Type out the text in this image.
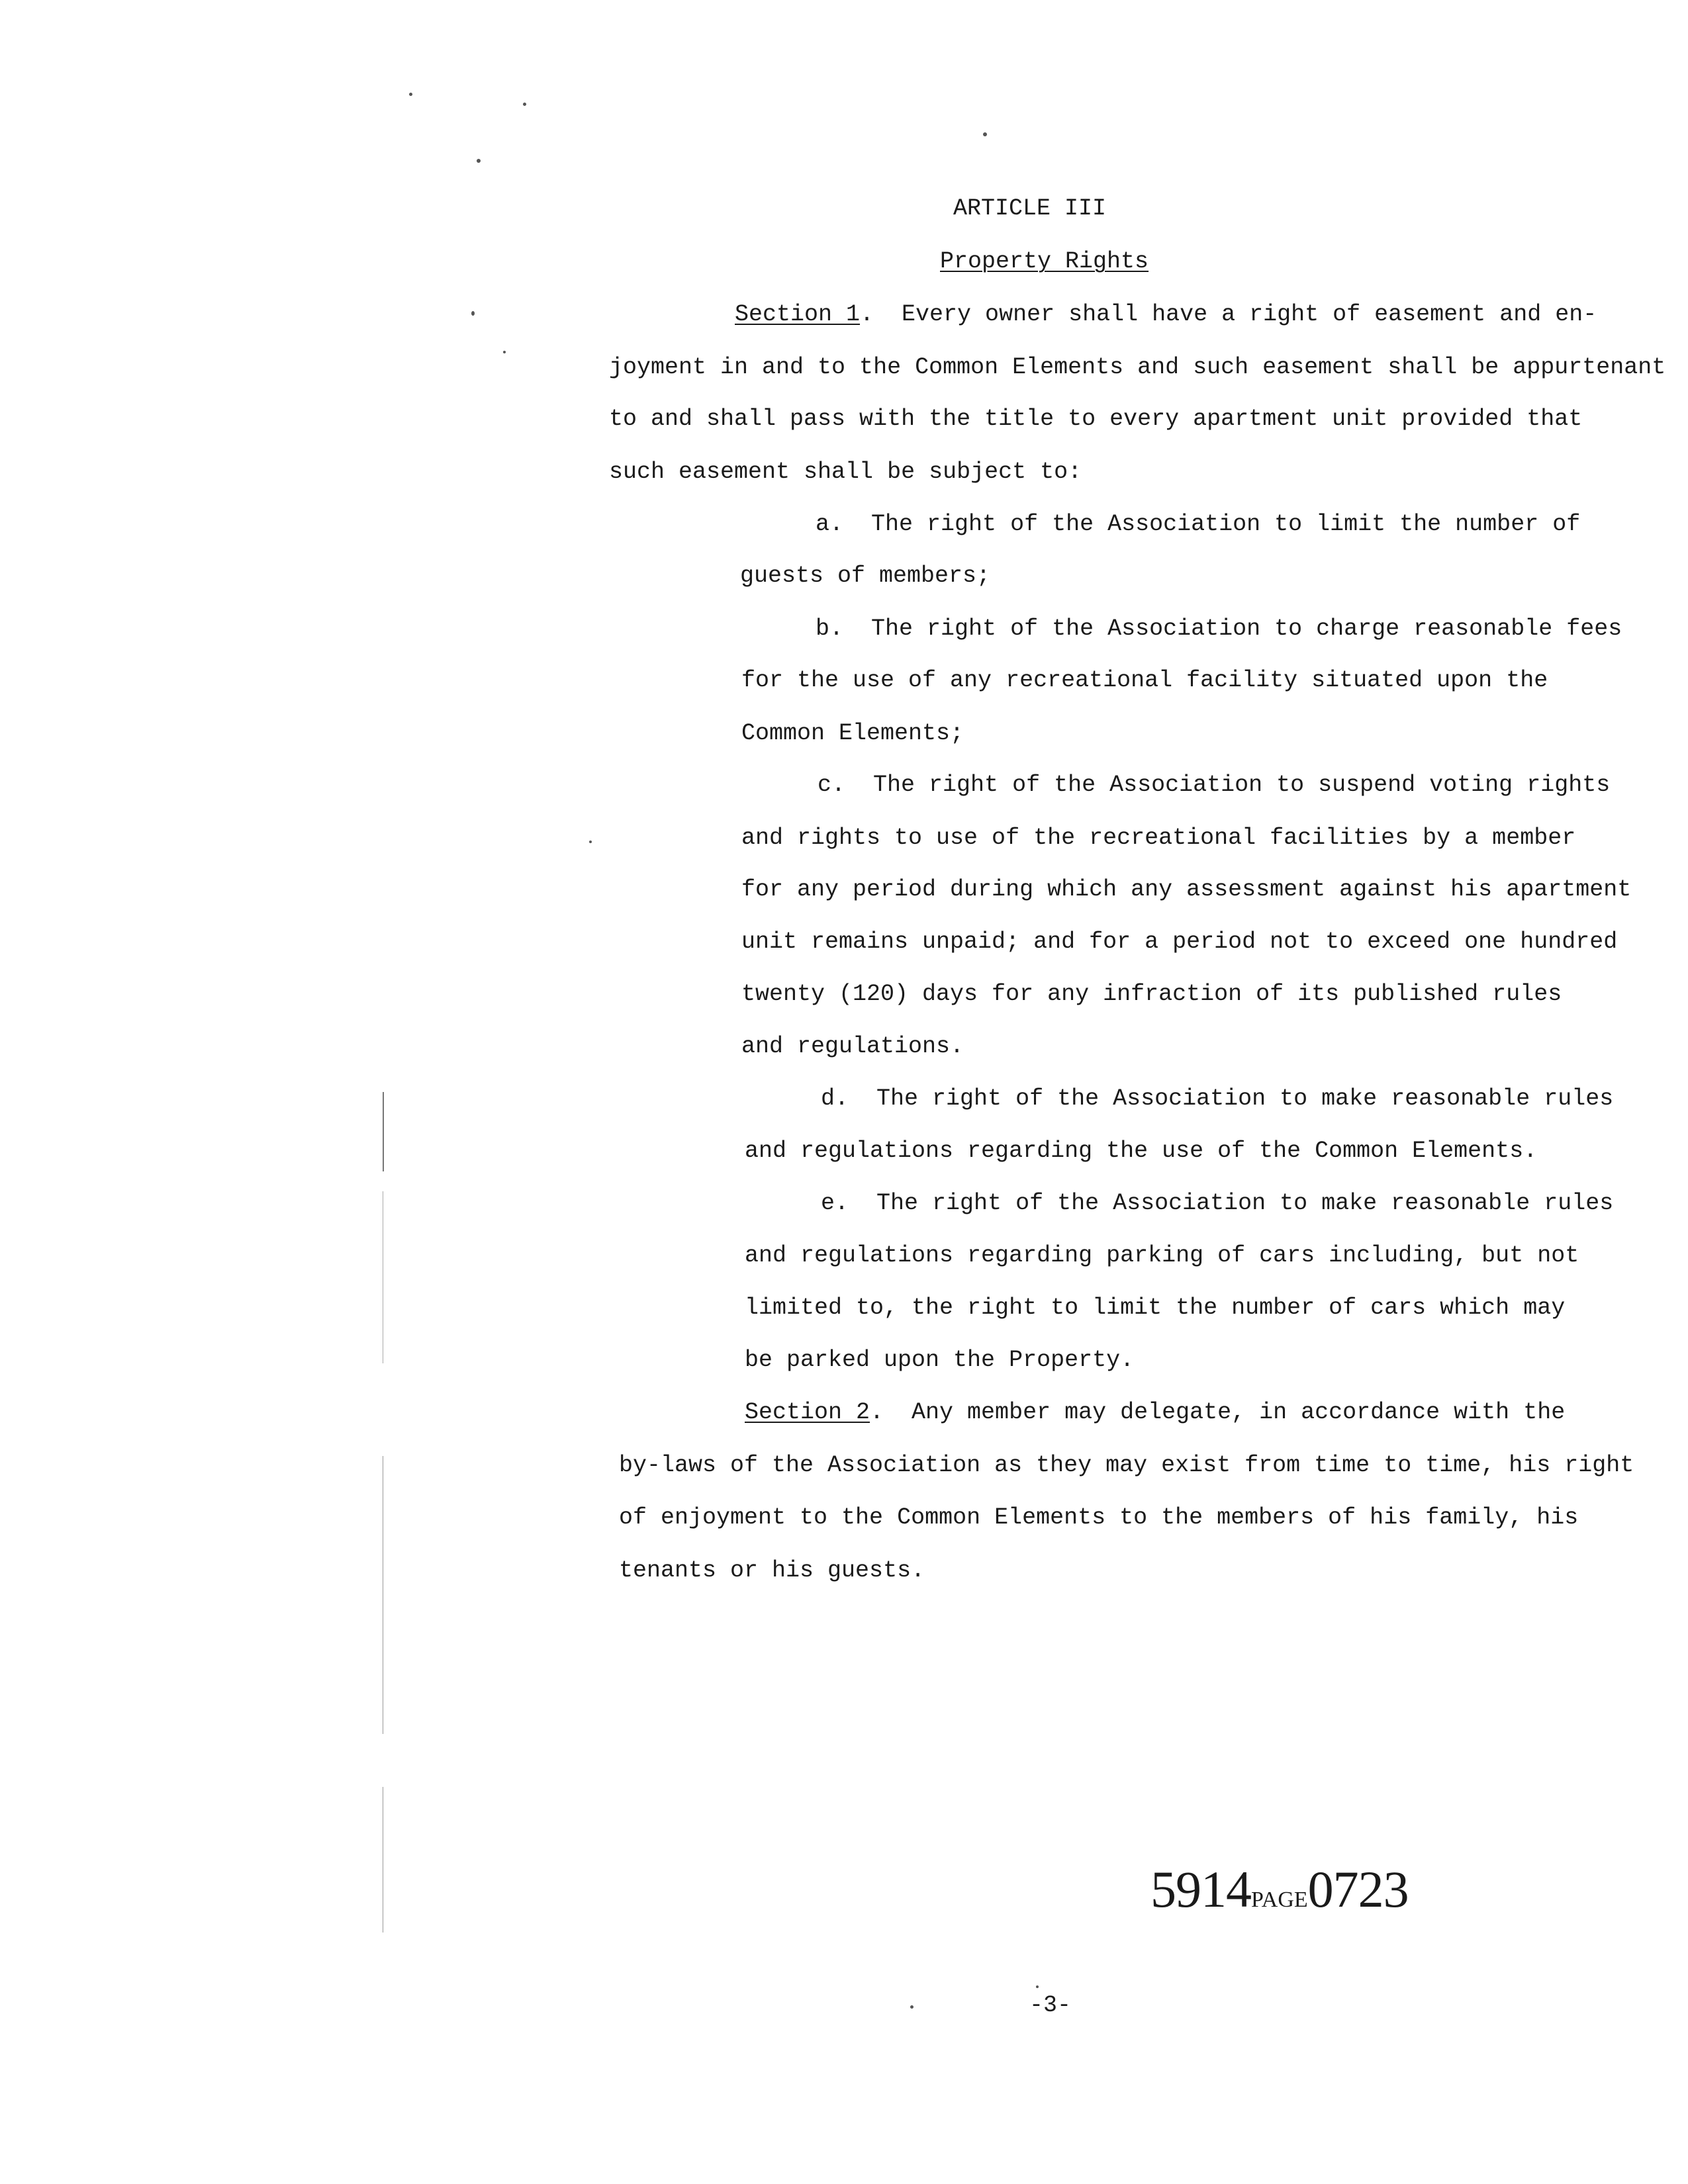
ARTICLE III
Property Rights
Section 1.  Every owner shall have a right of easement and en-
joyment in and to the Common Elements and such easement shall be appurtenant
to and shall pass with the title to every apartment unit provided that
such easement shall be subject to:
a. The right of the Association to limit the number of
guests of members;
b. The right of the Association to charge reasonable fees
for the use of any recreational facility situated upon the
Common Elements;
c. The right of the Association to suspend voting rights
and rights to use of the recreational facilities by a member
for any period during which any assessment against his apartment
unit remains unpaid; and for a period not to exceed one hundred
twenty (120) days for any infraction of its published rules
and regulations.
d. The right of the Association to make reasonable rules
and regulations regarding the use of the Common Elements.
e. The right of the Association to make reasonable rules
and regulations regarding parking of cars including, but not
limited to, the right to limit the number of cars which may
be parked upon the Property.
Section 2.  Any member may delegate, in accordance with the
by-laws of the Association as they may exist from time to time, his right
of enjoyment to the Common Elements to the members of his family, his
tenants or his guests.
5914PAGE0723
-3-
